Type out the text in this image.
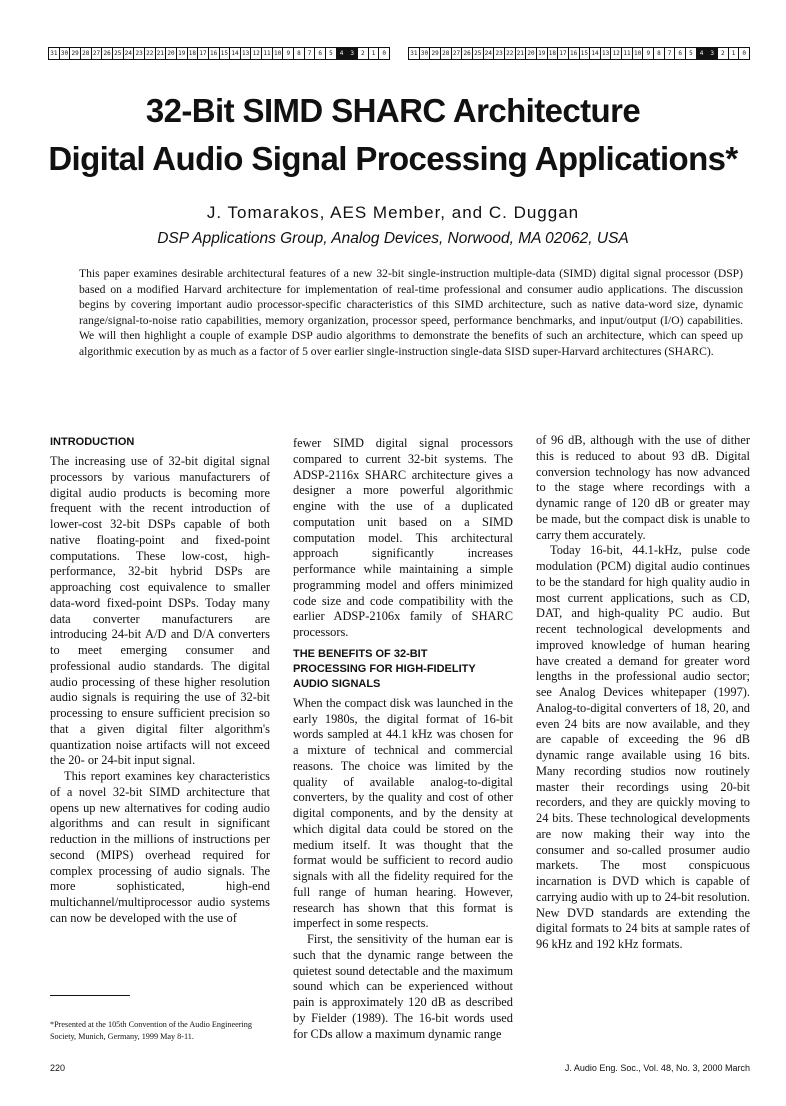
31 30 29 28 27 26 25 24 23 22 21 20 19 18 17 16 15 14 13 12 11 10 9	8	7	6	5	4	3	2	1	0	31 30 29 28 27 26 25 24 23 22 21 20 19 18 17 16 15 14 13 12 11 10 9	8	7	6	5	4	3	2	1	0
32-Bit SIMD SHARC Architecture
Digital Audio Signal Processing Applications*
J. Tomarakos, AES Member, and C. Duggan
DSP Applications Group, Analog Devices, Norwood, MA 02062, USA

This paper examines desirable architectural features of a new 32-bit single-instruction multiple-data (SIMD) digital signal processor (DSP) based on a modified Harvard architecture for implementation of real-time professional and consumer audio applications. The discussion begins by covering important audio processor-specific characteristics of this SIMD architecture, such as native data-word size, dynamic range/signal-to-noise ratio capabilities, memory organization, processor speed, performance benchmarks, and input/output (I/O) capabilities. We will then highlight a couple of example DSP audio algorithms to demonstrate the benefits of such an architecture, which can speed up algorithmic execution by as much as a factor of 5 over earlier single-instruction single-data SISD super-Harvard architectures (SHARC).

INTRODUCTION

The increasing use of 32-bit digital signal processors by various manufacturers of digital audio products is becoming more frequent with the recent introduction of lower-cost 32-bit DSPs capable of both native floating-point and fixed-point computations. These low-cost, high-performance, 32-bit hybrid DSPs are approaching cost equivalence to smaller data-word fixed-point DSPs. Today many data converter manufacturers are introducing 24-bit A/D and D/A converters to meet emerging consumer and professional audio standards. The digital audio processing of these higher resolution audio signals is requiring the use of 32-bit processing to ensure sufficient precision so that a given digital filter algorithm's quantization noise artifacts will not exceed the 20- or 24-bit input signal.

This report examines key characteristics of a novel 32-bit SIMD architecture that opens up new alternatives for coding audio algorithms and can result in significant reduction in the millions of instructions per second (MIPS) overhead required for complex processing of audio signals. The more sophisticated, high-end multichannel/multiprocessor audio systems can now be developed with the use of

fewer SIMD digital signal processors compared to current 32-bit systems. The ADSP-2116x SHARC architecture gives a designer a more powerful algorithmic engine with the use of a duplicated computation unit based on a SIMD computation model. This architectural approach significantly increases performance while maintaining a simple programming model and offers minimized code size and code compatibility with the earlier ADSP-2106x family of SHARC processors.

THE BENEFITS OF 32-BIT
PROCESSING FOR HIGH-FIDELITY
AUDIO SIGNALS

When the compact disk was launched in the early 1980s, the digital format of 16-bit words sampled at 44.1 kHz was chosen for a mixture of technical and commercial reasons. The choice was limited by the quality of available analog-to-digital converters, by the quality and cost of other digital components, and by the density at which digital data could be stored on the medium itself. It was thought that the format would be sufficient to record audio signals with all the fidelity required for the full range of human hearing. However, research has shown that this format is imperfect in some respects.

First, the sensitivity of the human ear is such that the dynamic range between the quietest sound detectable and the maximum sound which can be experienced without pain is approximately 120 dB as described by Fielder (1989). The 16-bit words used for CDs allow a maximum dynamic range

of 96 dB, although with the use of dither this is reduced to about 93 dB. Digital conversion technology has now advanced to the stage where recordings with a dynamic range of 120 dB or greater may be made, but the compact disk is unable to carry them accurately.

Today 16-bit, 44.1-kHz, pulse code modulation (PCM) digital audio continues to be the standard for high quality audio in most current applications, such as CD, DAT, and high-quality PC audio. But recent technological developments and improved knowledge of human hearing have created a demand for greater word lengths in the professional audio sector; see Analog Devices whitepaper (1997). Analog-to-digital converters of 18, 20, and even 24 bits are now available, and they are capable of exceeding the 96 dB dynamic range available using 16 bits. Many recording studios now routinely master their recordings using 20-bit recorders, and they are quickly moving to 24 bits. These technological developments are now making their way into the consumer and so-called prosumer audio markets. The most conspicuous incarnation is DVD which is capable of carrying audio with up to 24-bit resolution. New DVD standards are extending the digital formats to 24 bits at sample rates of 96 kHz and 192 kHz formats.

*Presented at the 105th Convention of the Audio Engineering Society, Munich, Germany, 1999 May 8-11.

220	J. Audio Eng. Soc., Vol. 48, No. 3, 2000 March
